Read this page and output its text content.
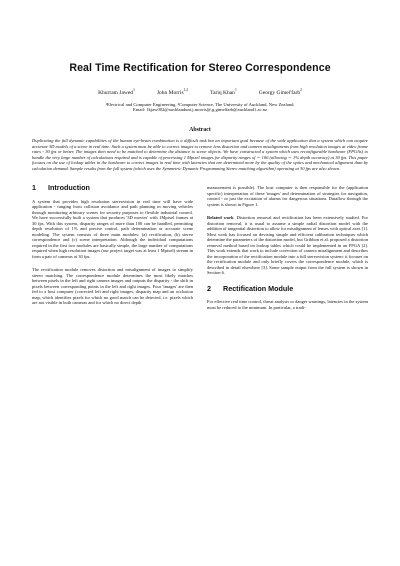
Real Time Rectification for Stereo Correspondence
Khurram Jawed$^1$	John Morris$^{1,2}$	Tariq Khan$^1$	Georgy Gimel'farb$^2$
¹Electrical and Computer Engineering, ²Computer Science, The University of Auckland, New Zealand.
Email: {kjaw002@aucklanduni,j.morris@,g.gimelfarb@auckland}.ac.nz
Abstract

Duplicating the full dynamic capabilities of the human eye-brain combination is a difficult task but an important goal because of the wide application that a system which can acquire accurate 3D models of a scene in real time. Such a system must be able to correct images to remove lens distortion and camera misalignments from high resolution images at video frame rates - 30 fps or better. The images then need to be matched to determine the distance to scene objects. We have constructed a system which uses reconfigurable hardware (FPGAs) to handle the very large number of calculations required and is capable of processing 1 Mpixel images for disparity ranges of ∼ 100 (allowing ∼ 1% depth accuracy) at 30 fps. This paper focuses on the use of lookup tables in the hardware to correct images in real time with latencies that are determined more by the quality of the optics and mechanical alignment than by calculation demand. Sample results from the full system (which uses the Symmetric Dynamic Programming Stereo matching algorithm) operating at 30 fps are also shown.

1 Introduction

A system that provides high resolution stereovision in real time will have wide application - ranging from collision avoidance and path planning in moving vehicles through monitoring arbitrary scenes for security purposes to flexible industrial control. We have successfully built a system that produces '3D movies' with 1Mpixel frames at 30 fps. With this system, disparity ranges of more than 100 can be handled, permitting depth resolution of 1% and precise control, path determination or accurate scene modeling. The system consists of three main modules: (a) rectification, (b) stereo correspondence and (c) scene interpretation. Although the individual computations required in the first two modules are basically simple, the large number of computations required when high resolution images (our project target was at least 1 Mpixel) stream in from a pair of cameras at 30 fps.

The rectification module removes distortion and misalignment of images to simplify stereo matching. The correspondence module determines the most likely matches between pixels in the left and right camera images and outputs the disparity - the shift in pixels between corresponding points in the left and right images. Four 'images' are then fed to a host computer (corrected left and right images, disparity map and an occlusion map, which identifies pixels for which no good match can be detected, i.e. pixels which are not visible in both cameras and for which no direct depth

measurement is possible). The host computer is then responsible for the (application specific) interpretation of these 'images' and determination of strategies for navigation, control - or just the excitation of alarms for dangerous situations. Dataflow through the system is shown in Figure 1.

Related work Distortion removal and rectification has been extensively studied. For distortion removal, it is usual to assume a simple radial distortion model with the addition of tangential distortion to allow for misalignment of lenses with optical axes [1]. Most work has focused on devising simple and efficient calibration techniques which determine the parameters of the distortion model, but Gribbon et al. proposed a distortion removal method based on lookup tables which could be implemented in an FPGA [2]. This work extends that work to include correction of camera misalignment and describes the incorporation of the rectification module into a full stereovision system: it focuses on the rectification module and only briefly covers the correspondence module, which is described in detail elsewhere [3]. Some sample output from the full system is shown in Section 6.

2 Rectification Module

For effective real time control, threat analysis or danger warnings, latencies in the system must be reduced to the minimum. In particular, a tradi-
